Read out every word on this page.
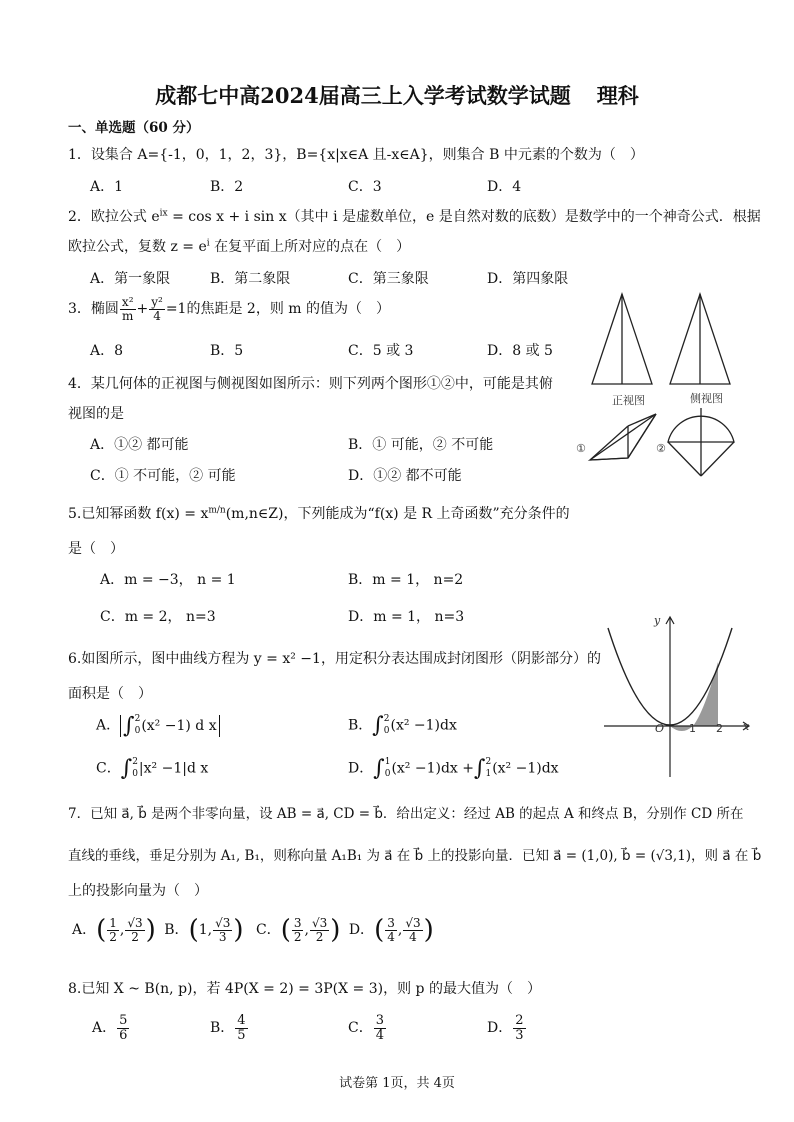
成都七中高2024届高三上入学考试数学试题 理科
一、单选题（60 分）
1．设集合 A={-1，0，1，2，3}，B={x|x∈A 且-x∈A}，则集合 B 中元素的个数为（　）
A．1	B．2	C．3	D．4
2．欧拉公式 $e^{ix} = \cos x + i$ sin x（其中 i 是虚数单位，e 是自然对数的底数）是数学中的一个神奇公式．根据
欧拉公式，复数 $z = e^i$ 在复平面上所对应的点在（　）
A．第一象限	B．第二象限	C．第三象限	D．第四象限
3．椭圆 $\frac{\text{x²}}{m} + \frac{\text{y²}}{4} =1$的焦距是 2，则 m 的值为（　）
A．8	B．5	C．5 或 3	D．8 或 5
正视图	侧视图
①	②
4．某几何体的正视图与侧视图如图所示：则下列两个图形①②中，可能是其俯
视图的是
A．①② 都可能	B．① 可能，② 不可能
C．① 不可能，② 可能	D．①② 都不可能
5.已知幂函数 $f(x) = x^{m/n}(m,n\in Z)$，下列能成为“f(x) 是 R 上奇函数”充分条件的
是（　）
A．m = −3， n = 1	B．m = 1， n=2
C．m = 2， n=3	D．m = 1， n=3	y
x
O 1 2
6.如图所示，图中曲线方程为 y = x² −1，用定积分表达围成封闭图形（阴影部分）的
面积是（　）
A． ∫ 2
0 (x² −1) d x	B．∫ 2
0 (x² −1)dx
C．∫ 2
0 |x² −1|d x	D．∫ 1
0 (x² −1)dx +∫ 2
1 (x² −1)dx
7．已知 a⃗, b⃗ 是两个非零向量，设 AB = a⃗, CD = b⃗．给出定义：经过 AB 的起点 A 和终点 B，分别作 CD 所在
直线的垂线，垂足分别为 A₁, B₁，则称向量 A₁B₁ 为 a⃗ 在 b⃗ 上的投影向量．已知 a⃗ = (1,0), b⃗ = (√3,1)，则 a⃗ 在 b⃗
上的投影向量为（　）
A．( $\frac{1}{2}$ , $\frac{√3}{2}$ ) B．(1, $\frac{√3}{3}$ ) C．( $\frac{3}{2}$ , $\frac{√3}{2}$ ) D．( $\frac{3}{4}$ , $\frac{√3}{4}$ )
8.已知 X ~ B(n, p)，若 4P(X = 2) = 3P(X = 3)，则 p 的最大值为（　）
A． $\frac{5}{6}$	B． $\frac{4}{5}$	C． $\frac{3}{4}$	D． $\frac{2}{3}$
试卷第 1页，共 4页
